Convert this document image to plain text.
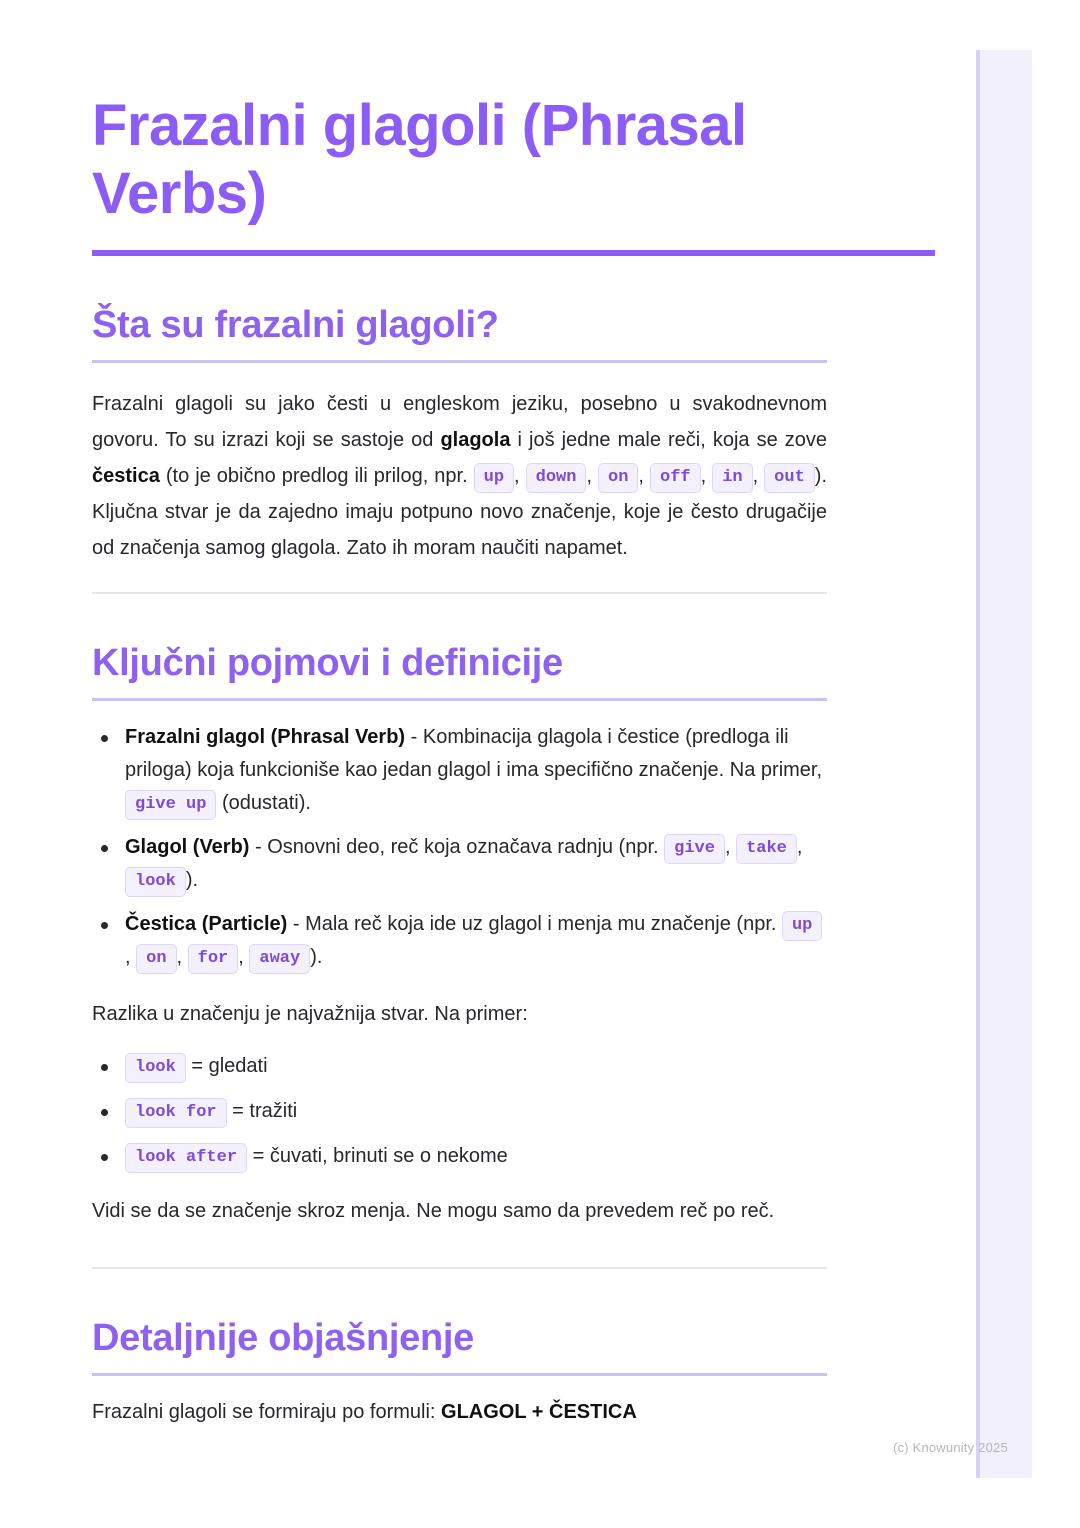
Frazalni glagoli (Phrasal Verbs)
Šta su frazalni glagoli?

Frazalni glagoli su jako česti u engleskom jeziku, posebno u svakodnevnom govoru. To su izrazi koji se sastoje od glagola i još jedne male reči, koja se zove čestica (to je obično predlog ili prilog, npr. up , down , on , off , in , out ). Ključna stvar je da zajedno imaju potpuno novo značenje, koje je često drugačije od značenja samog glagola. Zato ih moram naučiti napamet.

Ključni pojmovi i definicije
Frazalni glagol (Phrasal Verb) - Kombinacija glagola i čestice (predloga ili priloga) koja funkcioniše kao jedan glagol i ima specifično značenje. Na primer, give up (odustati).
Glagol (Verb) - Osnovni deo, reč koja označava radnju (npr. give , take , look ).
Čestica (Particle) - Mala reč koja ide uz glagol i menja mu značenje (npr. up, on , for , away ).

Razlika u značenju je najvažnija stvar. Na primer:

look = gledati
look for = tražiti
look after = čuvati, brinuti se o nekome

Vidi se da se značenje skroz menja. Ne mogu samo da prevedem reč po reč.

Detaljnije objašnjenje

Frazalni glagoli se formiraju po formuli: GLAGOL + ČESTICA

(c) Knowunity 2025
